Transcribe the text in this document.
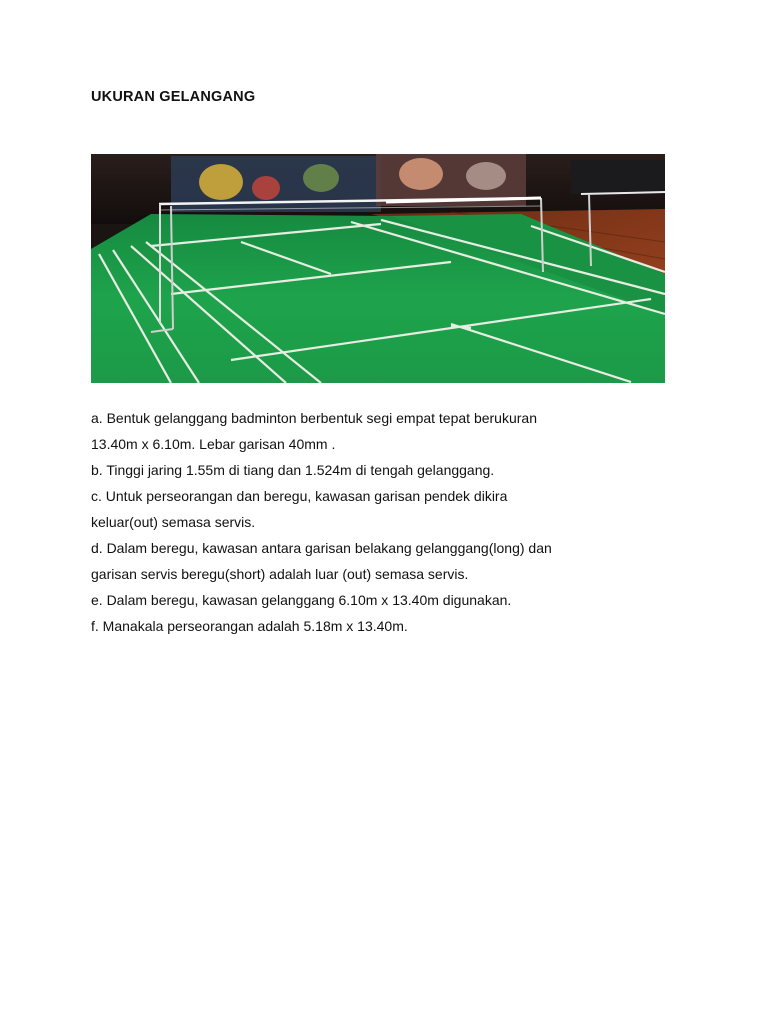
UKURAN GELANGANG
a. Bentuk gelanggang badminton berbentuk segi empat tepat berukuran
13.40m x 6.10m. Lebar garisan 40mm .
b. Tinggi jaring 1.55m di tiang dan 1.524m di tengah gelanggang.
c. Untuk perseorangan dan beregu, kawasan garisan pendek dikira
keluar(out) semasa servis.
d. Dalam beregu, kawasan antara garisan belakang gelanggang(long) dan
garisan servis beregu(short) adalah luar (out) semasa servis.
e. Dalam beregu, kawasan gelanggang 6.10m x 13.40m digunakan.
f. Manakala perseorangan adalah 5.18m x 13.40m.
